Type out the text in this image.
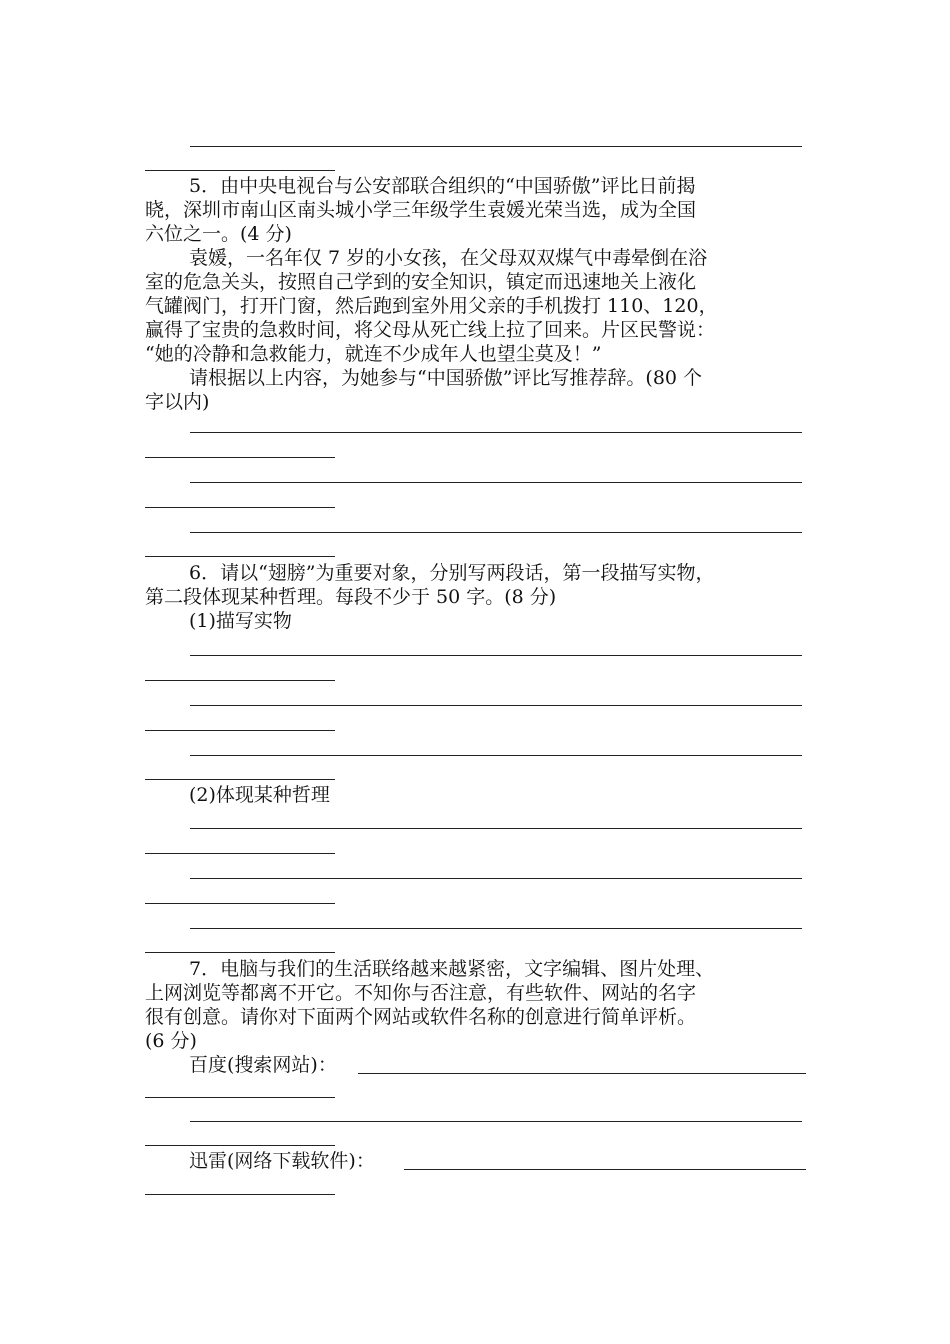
5．由中央电视台与公安部联合组织的“中国骄傲”评比日前揭
晓，深圳市南山区南头城小学三年级学生袁媛光荣当选，成为全国
六位之一。(4 分)
袁媛，一名年仅 7 岁的小女孩，在父母双双煤气中毒晕倒在浴
室的危急关头，按照自己学到的安全知识，镇定而迅速地关上液化
气罐阀门，打开门窗，然后跑到室外用父亲的手机拨打 110、120，
赢得了宝贵的急救时间，将父母从死亡线上拉了回来。片区民警说：
“她的冷静和急救能力，就连不少成年人也望尘莫及！”
请根据以上内容，为她参与“中国骄傲”评比写推荐辞。(80 个
字以内)
6．请以“翅膀”为重要对象，分别写两段话，第一段描写实物，
第二段体现某种哲理。每段不少于 50 字。(8 分)
(1)描写实物
(2)体现某种哲理
7．电脑与我们的生活联络越来越紧密，文字编辑、图片处理、
上网浏览等都离不开它。不知你与否注意，有些软件、网站的名字
很有创意。请你对下面两个网站或软件名称的创意进行简单评析。
(6 分)
百度(搜索网站)：
迅雷(网络下载软件)：
